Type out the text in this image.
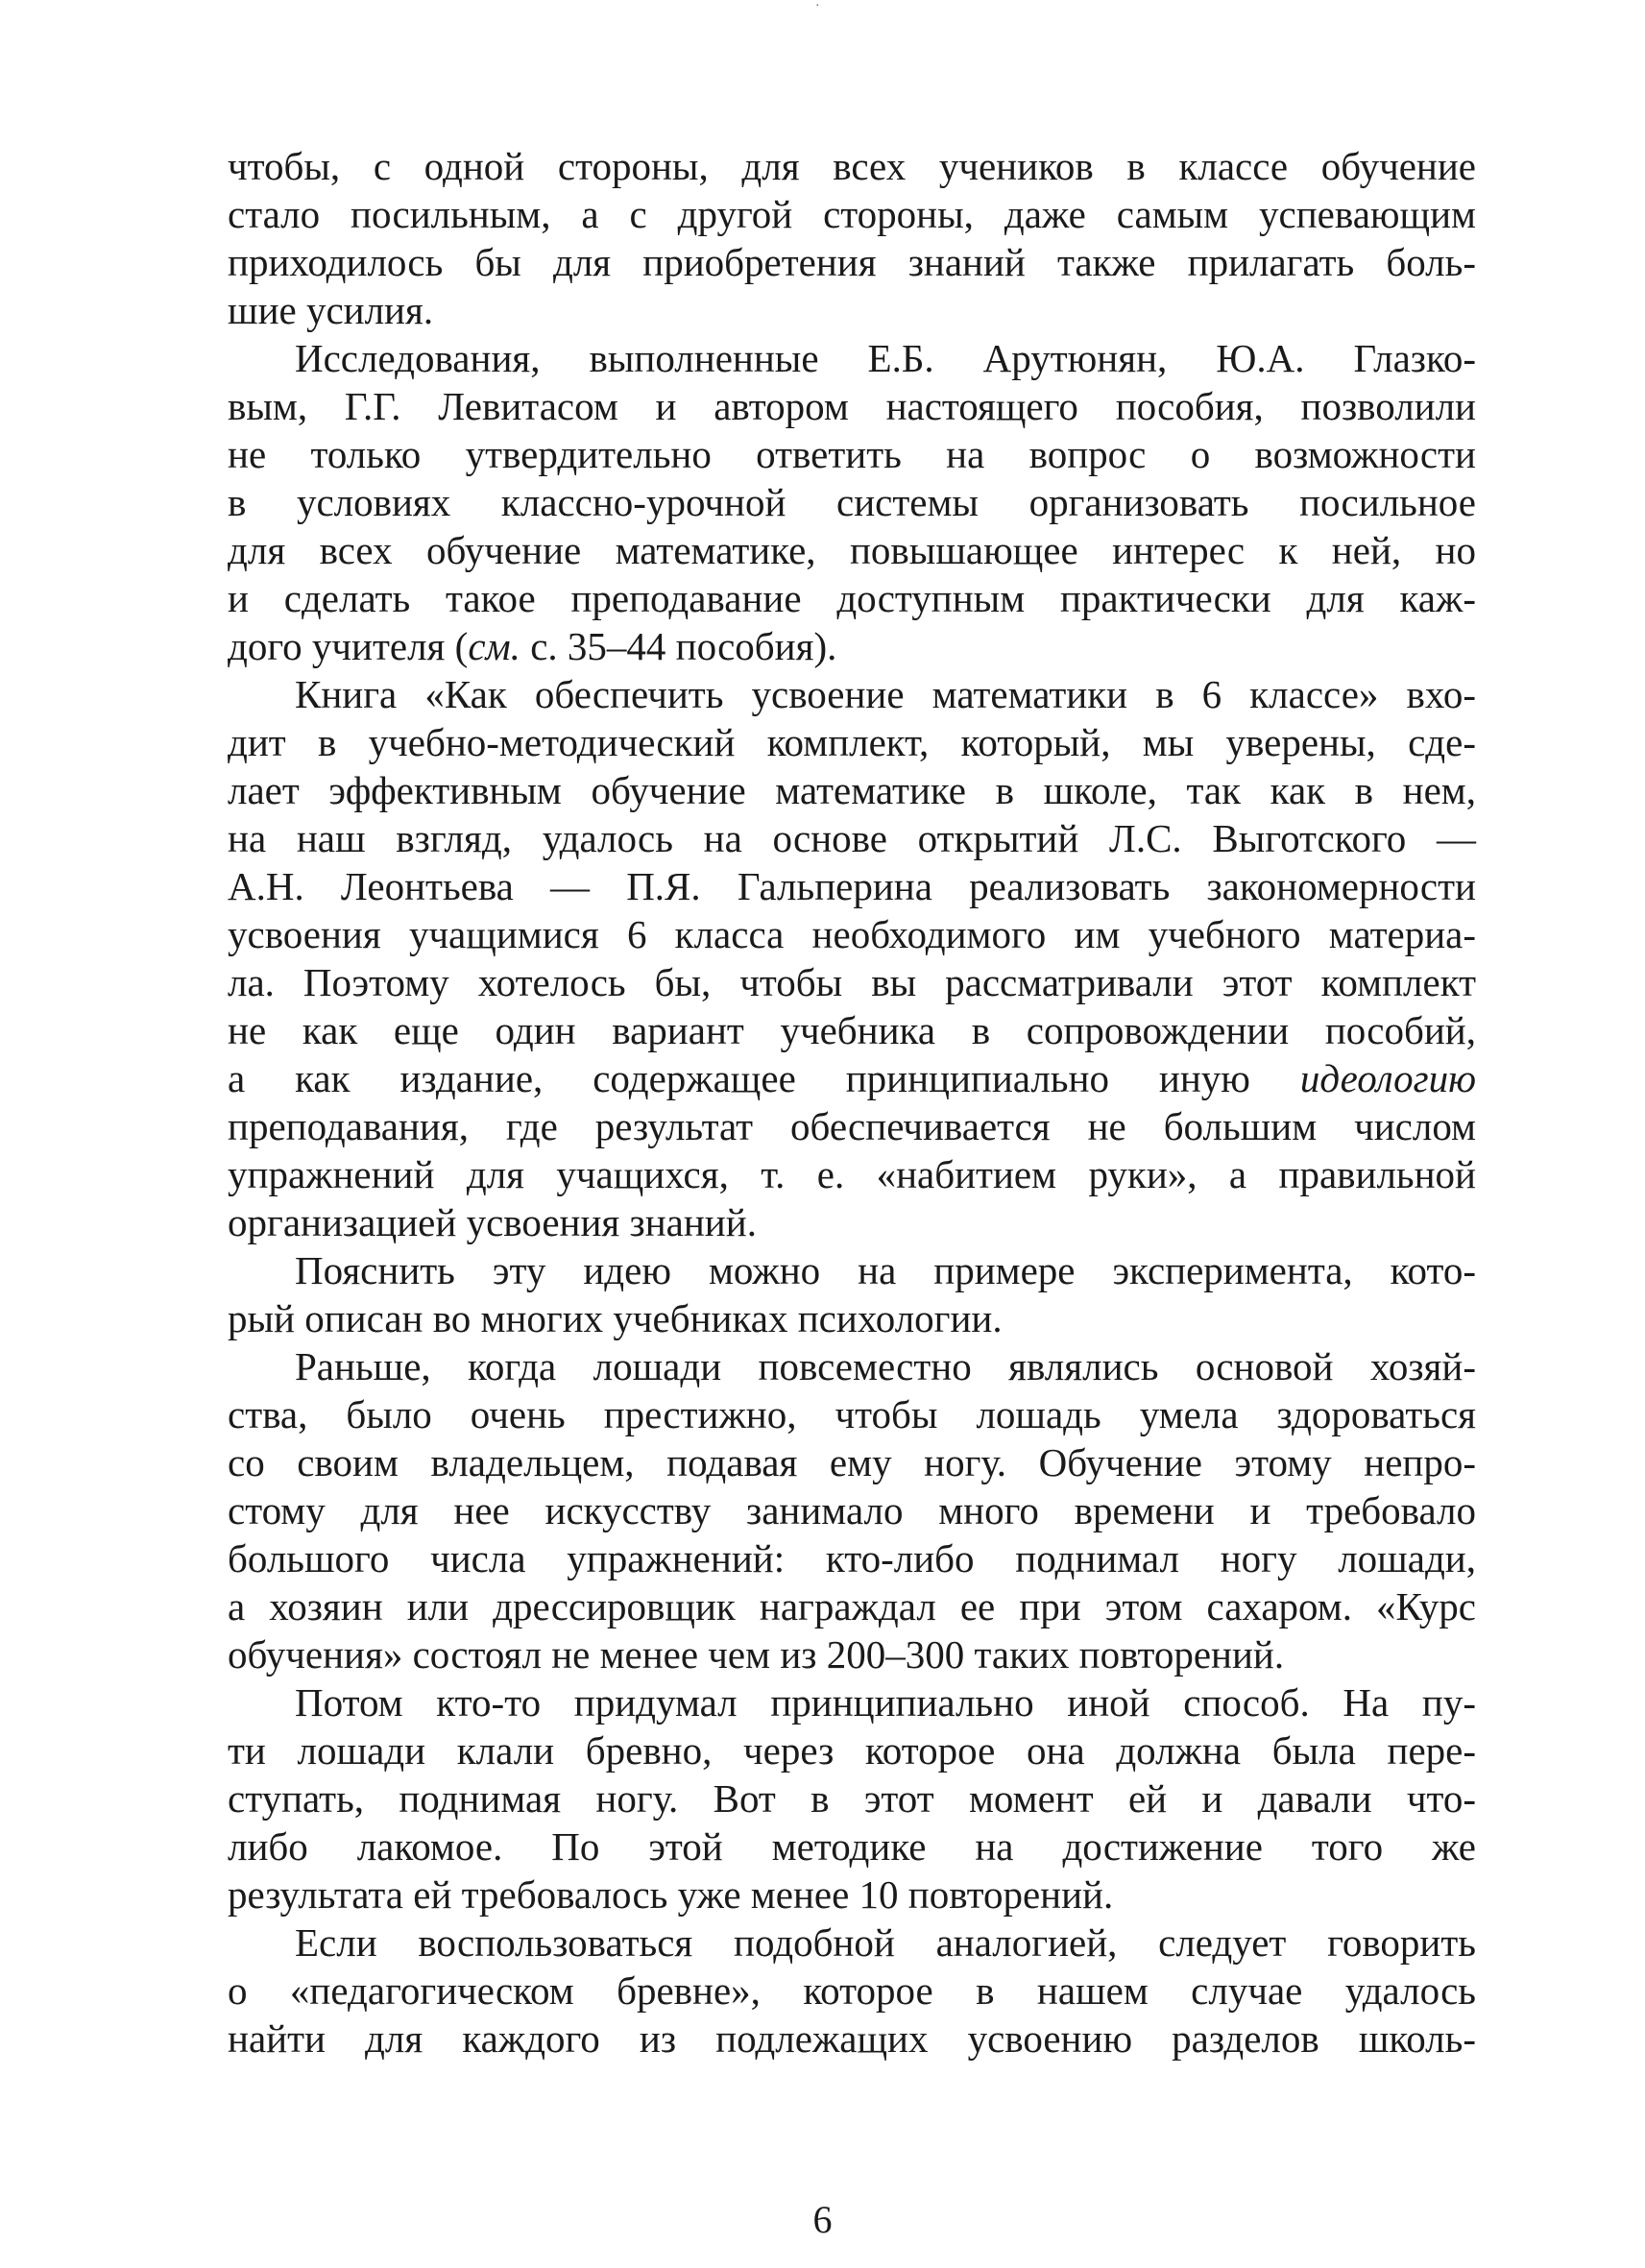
·
чтобы, с одной стороны, для всех учеников в классе обучение
стало посильным, а с другой стороны, даже самым успевающим
приходилось бы для приобретения знаний также прилагать боль-
шие усилия.
Исследования, выполненные Е.Б. Арутюнян, Ю.А. Глазко-
вым, Г.Г. Левитасом и автором настоящего пособия, позволили
не только утвердительно ответить на вопрос о возможности
в условиях классно-урочной системы организовать посильное
для всех обучение математике, повышающее интерес к ней, но
и сделать такое преподавание доступным практически для каж-
дого учителя (см. с. 35–44 пособия).
Книга «Как обеспечить усвоение математики в 6 классе» вхо-
дит в учебно-методический комплект, который, мы уверены, сде-
лает эффективным обучение математике в школе, так как в нем,
на наш взгляд, удалось на основе открытий Л.С. Выготского —
А.Н. Леонтьева — П.Я. Гальперина реализовать закономерности
усвоения учащимися 6 класса необходимого им учебного материа-
ла. Поэтому хотелось бы, чтобы вы рассматривали этот комплект
не как еще один вариант учебника в сопровождении пособий,
а как издание, содержащее принципиально иную идеологию
преподавания, где результат обеспечивается не большим числом
упражнений для учащихся, т. е. «набитием руки», а правильной
организацией усвоения знаний.
Пояснить эту идею можно на примере эксперимента, кото-
рый описан во многих учебниках психологии.
Раньше, когда лошади повсеместно являлись основой хозяй-
ства, было очень престижно, чтобы лошадь умела здороваться
со своим владельцем, подавая ему ногу. Обучение этому непро-
стому для нее искусству занимало много времени и требовало
большого числа упражнений: кто-либо поднимал ногу лошади,
а хозяин или дрессировщик награждал ее при этом сахаром. «Курс
обучения» состоял не менее чем из 200–300 таких повторений.
Потом кто-то придумал принципиально иной способ. На пу-
ти лошади клали бревно, через которое она должна была пере-
ступать, поднимая ногу. Вот в этот момент ей и давали что-
либо лакомое. По этой методике на достижение того же
результата ей требовалось уже менее 10 повторений.
Если воспользоваться подобной аналогией, следует говорить
о «педагогическом бревне», которое в нашем случае удалось
найти для каждого из подлежащих усвоению разделов школь-
6
